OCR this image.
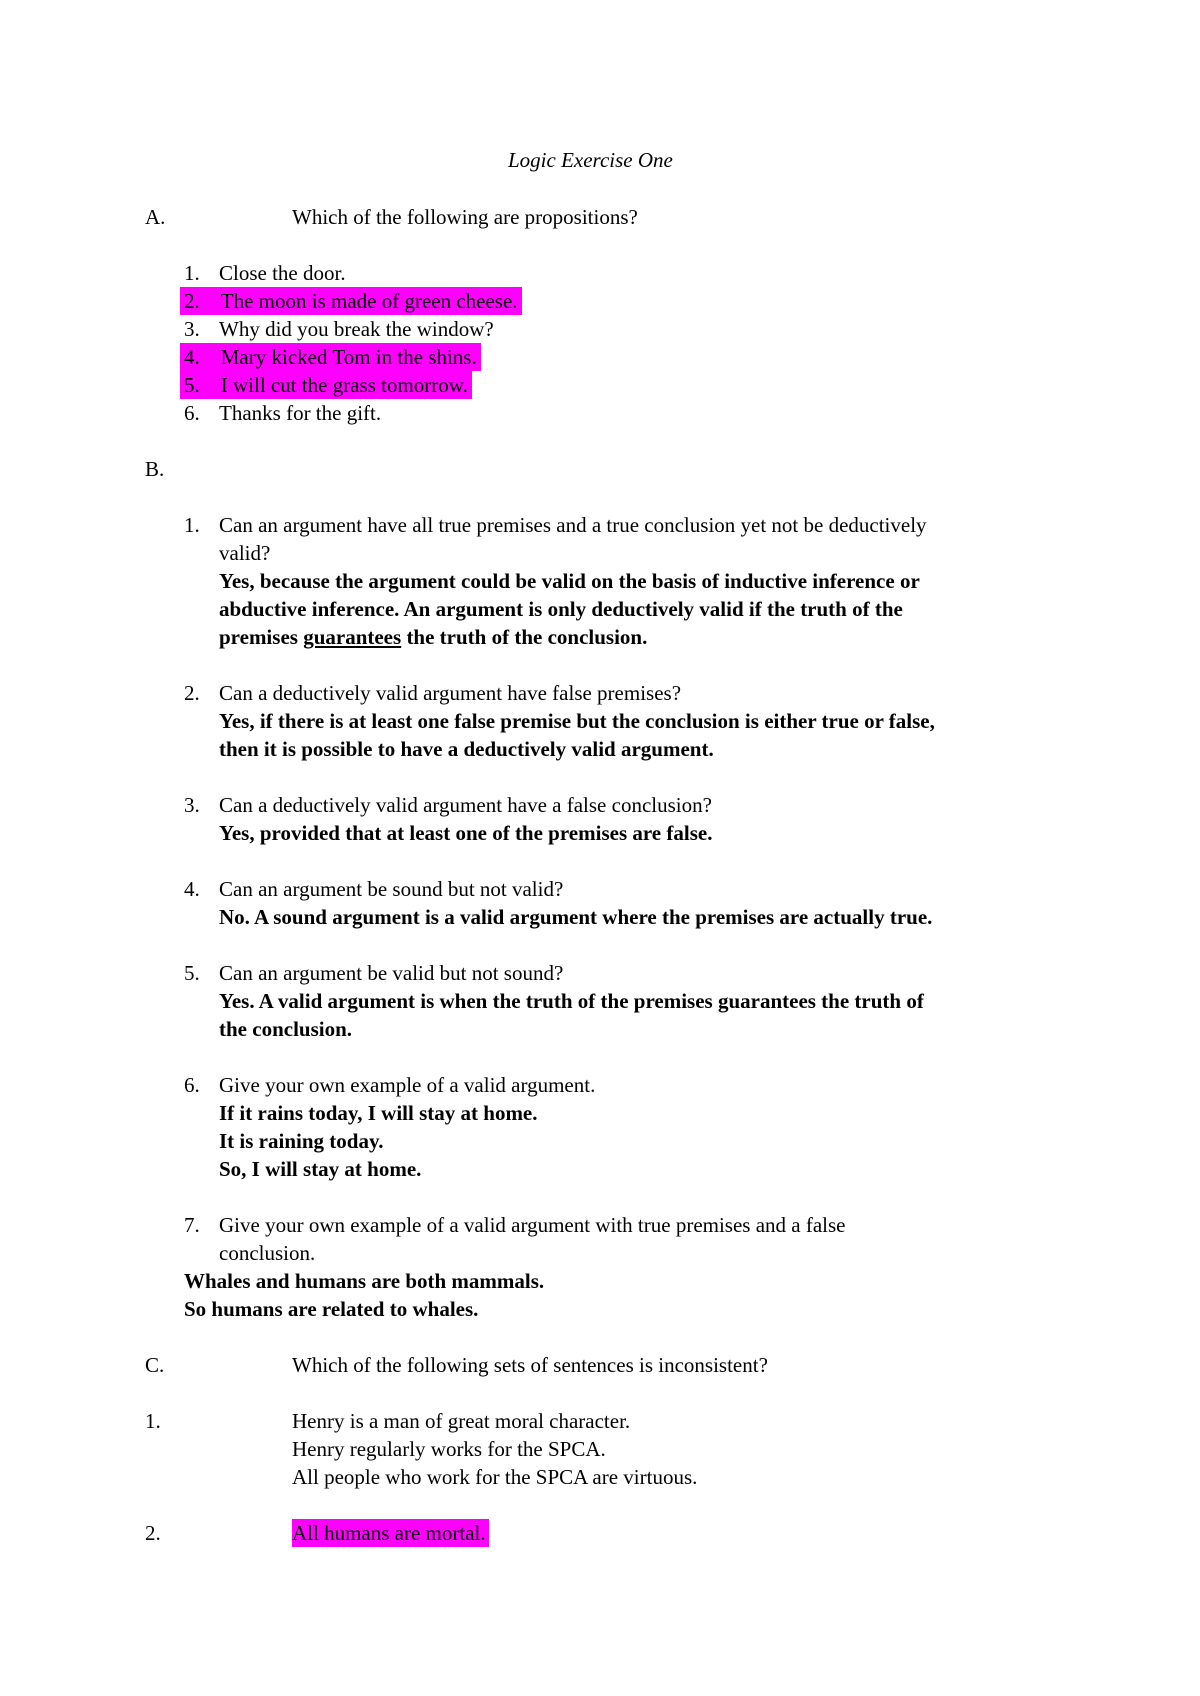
Logic Exercise One
A.	Which of the following are propositions?
1. Close the door.
2. The moon is made of green cheese.
3. Why did you break the window?
4. Mary kicked Tom in the shins.
5. I will cut the grass tomorrow.
6. Thanks for the gift.
B.
1. Can an argument have all true premises and a true conclusion yet not be deductively
valid?
Yes, because the argument could be valid on the basis of inductive inference or
abductive inference. An argument is only deductively valid if the truth of the
premises guarantees the truth of the conclusion.
2. Can a deductively valid argument have false premises?
Yes, if there is at least one false premise but the conclusion is either true or false,
then it is possible to have a deductively valid argument.
3. Can a deductively valid argument have a false conclusion?
Yes, provided that at least one of the premises are false.
4. Can an argument be sound but not valid?
No. A sound argument is a valid argument where the premises are actually true.
5. Can an argument be valid but not sound?
Yes. A valid argument is when the truth of the premises guarantees the truth of
the conclusion.
6. Give your own example of a valid argument.
If it rains today, I will stay at home.
It is raining today.
So, I will stay at home.
7. Give your own example of a valid argument with true premises and a false
conclusion.
Whales and humans are both mammals.
So humans are related to whales.
C.	Which of the following sets of sentences is inconsistent?
1.	Henry is a man of great moral character.
Henry regularly works for the SPCA.
All people who work for the SPCA are virtuous.
2.	All humans are mortal.
